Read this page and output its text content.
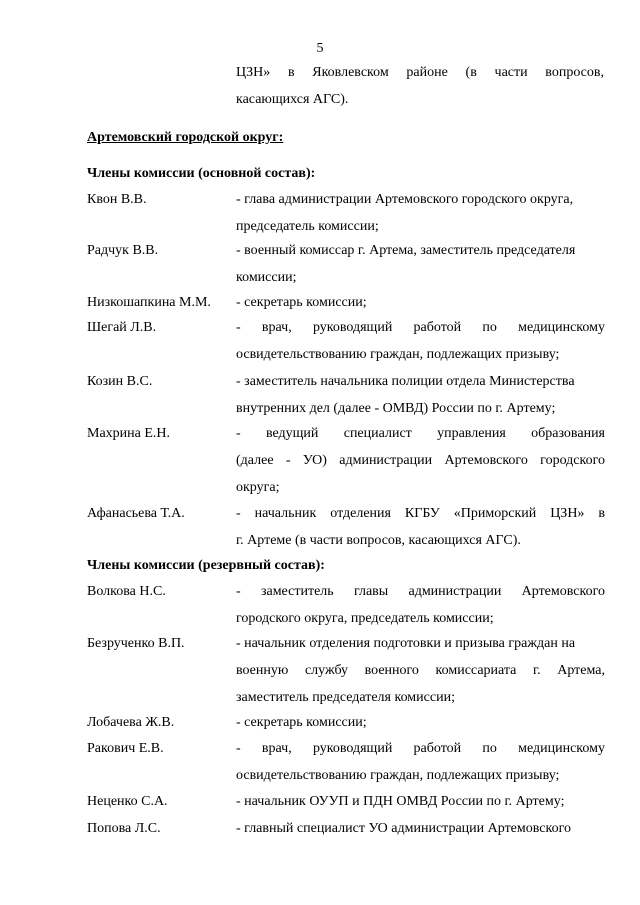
5
ЦЗН» в Яковлевском районе (в части вопросов,
касающихся АГС).
Артемовский городской округ:
Члены комиссии (основной состав):
Квон В.В.	- глава администрации Артемовского городского округа,
председатель комиссии;
Радчук В.В.	- военный комиссар г. Артема, заместитель председателя
комиссии;
Низкошапкина М.М. - секретарь комиссии;
Шегай Л.В.	- врач, руководящий работой по медицинскому
освидетельствованию граждан, подлежащих призыву;
Козин В.С.	- заместитель начальника полиции отдела Министерства
внутренних дел (далее - ОМВД) России по г. Артему;
Махрина Е.Н.	- ведущий специалист управления образования
(далее - УО) администрации Артемовского городского
округа;
Афанасьева Т.А.	- начальник отделения КГБУ «Приморский ЦЗН» в
г. Артеме (в части вопросов, касающихся АГС).
Члены комиссии (резервный состав):
Волкова Н.С.	- заместитель главы администрации Артемовского
городского округа, председатель комиссии;
Безрученко В.П.	- начальник отделения подготовки и призыва граждан на
военную службу военного комиссариата г. Артема,
заместитель председателя комиссии;
Лобачева Ж.В.	- секретарь комиссии;
Ракович Е.В.	- врач, руководящий работой по медицинскому
освидетельствованию граждан, подлежащих призыву;
Неценко С.А.	- начальник ОУУП и ПДН ОМВД России по г. Артему;
Попова Л.С.	- главный специалист УО администрации Артемовского
